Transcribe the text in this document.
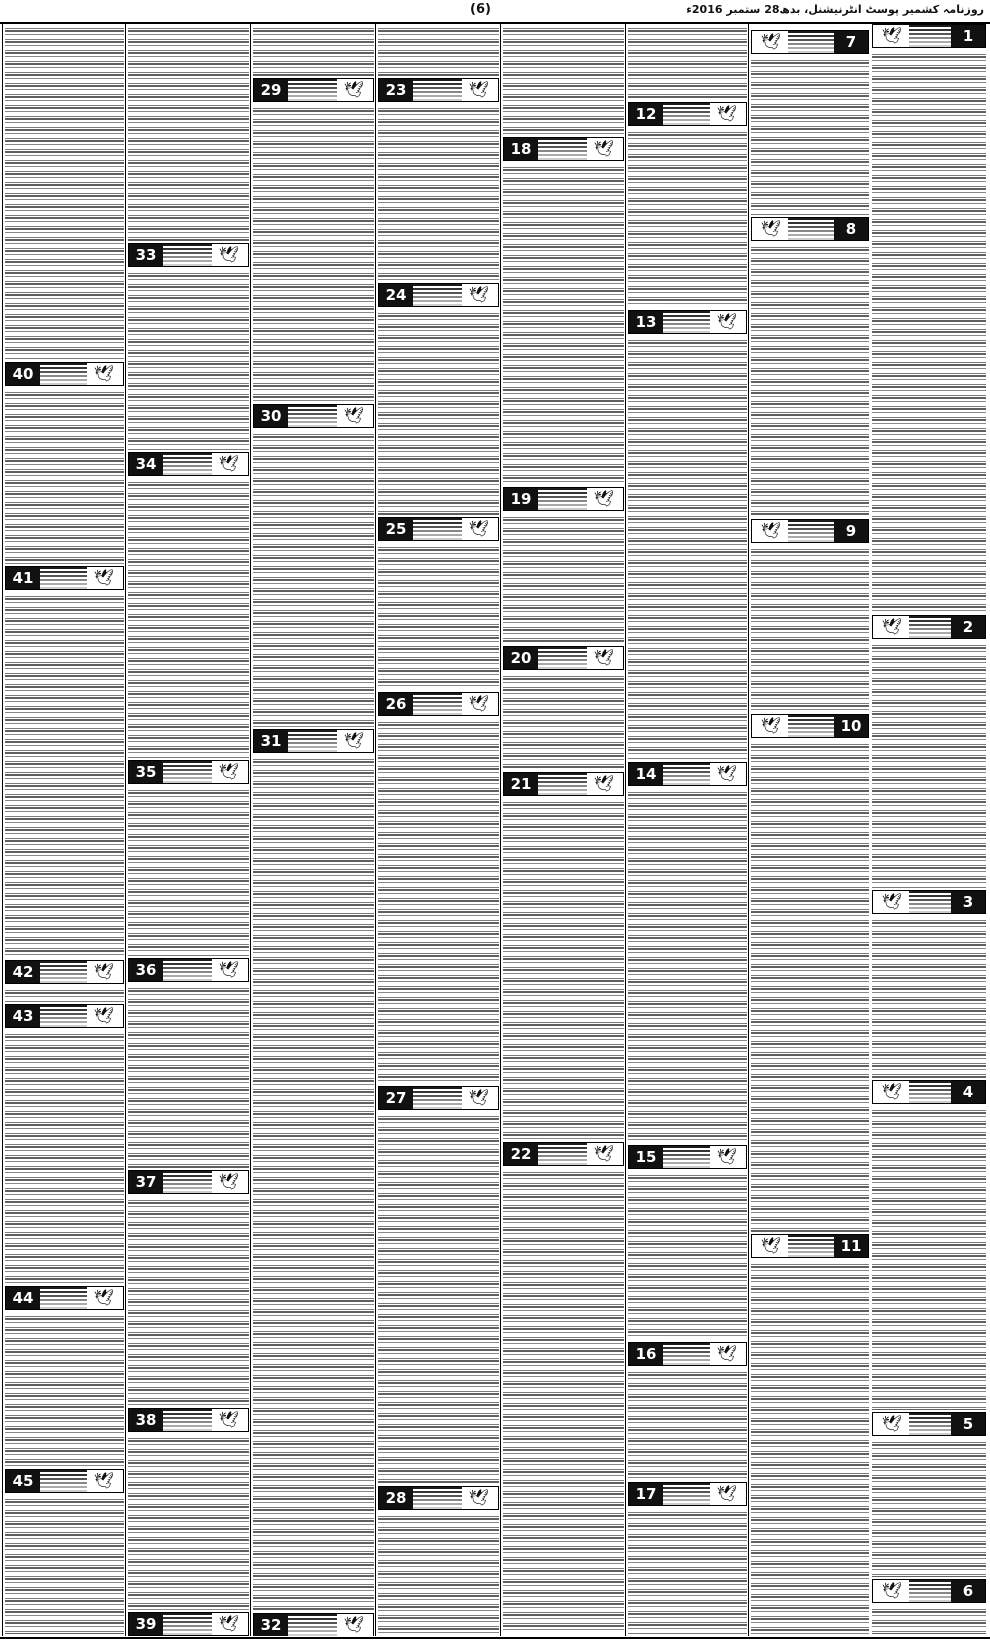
روزنامہ کشمیر پوسٹ انٹرنیشنل، بدھ28 ستمبر 2016ء
(6)
1
🕊
2
🕊
3
🕊
4
🕊
5
🕊
6
🕊
7
🕊
8
🕊
9
🕊
10
🕊
11
🕊
12	🕊
13	🕊
14	🕊
15	🕊
16	🕊
17	🕊
18	🕊
19	🕊
20	🕊
21	🕊
22	🕊
23	🕊
24	🕊
25	🕊
26	🕊
27	🕊
28	🕊
29	🕊
30	🕊
31	🕊
32	🕊
33	🕊
34	🕊
35	🕊
36	🕊
37	🕊
38	🕊
39	🕊
40	🕊
41	🕊
42	🕊
43	🕊
44	🕊
45	🕊
